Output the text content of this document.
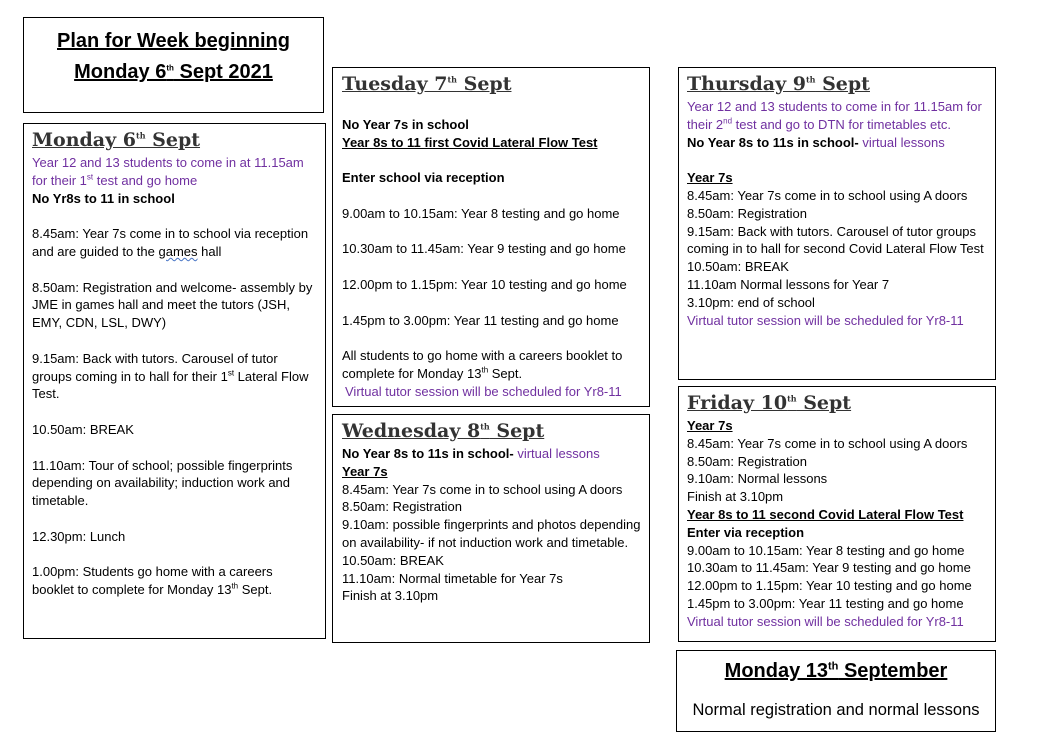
Plan for Week beginning
Monday 6th Sept 2021
Monday 6th Sept

Year 12 and 13 students to come in at 11.15am for their 1st test and go home

No Yr8s to 11 in school

8.45am: Year 7s come in to school via reception and are guided to the games hall

8.50am: Registration and welcome- assembly by JME in games hall and meet the tutors (JSH, EMY, CDN, LSL, DWY)

9.15am: Back with tutors. Carousel of tutor groups coming in to hall for their 1st Lateral Flow Test.

10.50am: BREAK

11.10am: Tour of school; possible fingerprints depending on availability; induction work and timetable.

12.30pm: Lunch

1.00pm: Students go home with a careers booklet to complete for Monday 13th Sept.

Tuesday 7th Sept

No Year 7s in school

Year 8s to 11 first Covid Lateral Flow Test

Enter school via reception

9.00am to 10.15am: Year 8 testing and go home

10.30am to 11.45am: Year 9 testing and go home

12.00pm to 1.15pm: Year 10 testing and go home

1.45pm to 3.00pm: Year 11 testing and go home

All students to go home with a careers booklet to complete for Monday 13th Sept.

Virtual tutor session will be scheduled for Yr8-11

Wednesday 8th Sept

No Year 8s to 11s in school- virtual lessons

Year 7s

8.45am: Year 7s come in to school using A doors

8.50am: Registration

9.10am: possible fingerprints and photos depending on availability- if not induction work and timetable.

10.50am: BREAK

11.10am: Normal timetable for Year 7s

Finish at 3.10pm

Thursday 9th Sept

Year 12 and 13 students to come in for 11.15am for their 2nd test and go to DTN for timetables etc.

No Year 8s to 11s in school- virtual lessons

Year 7s

8.45am: Year 7s come in to school using A doors

8.50am: Registration

9.15am: Back with tutors. Carousel of tutor groups coming in to hall for second Covid Lateral Flow Test

10.50am: BREAK

11.10am Normal lessons for Year 7

3.10pm: end of school

Virtual tutor session will be scheduled for Yr8-11

Friday 10th Sept

Year 7s

8.45am: Year 7s come in to school using A doors

8.50am: Registration

9.10am: Normal lessons

Finish at 3.10pm

Year 8s to 11 second Covid Lateral Flow Test

Enter via reception

9.00am to 10.15am: Year 8 testing and go home

10.30am to 11.45am: Year 9 testing and go home

12.00pm to 1.15pm: Year 10 testing and go home

1.45pm to 3.00pm: Year 11 testing and go home

Virtual tutor session will be scheduled for Yr8-11

Monday 13th September
Normal registration and normal lessons
